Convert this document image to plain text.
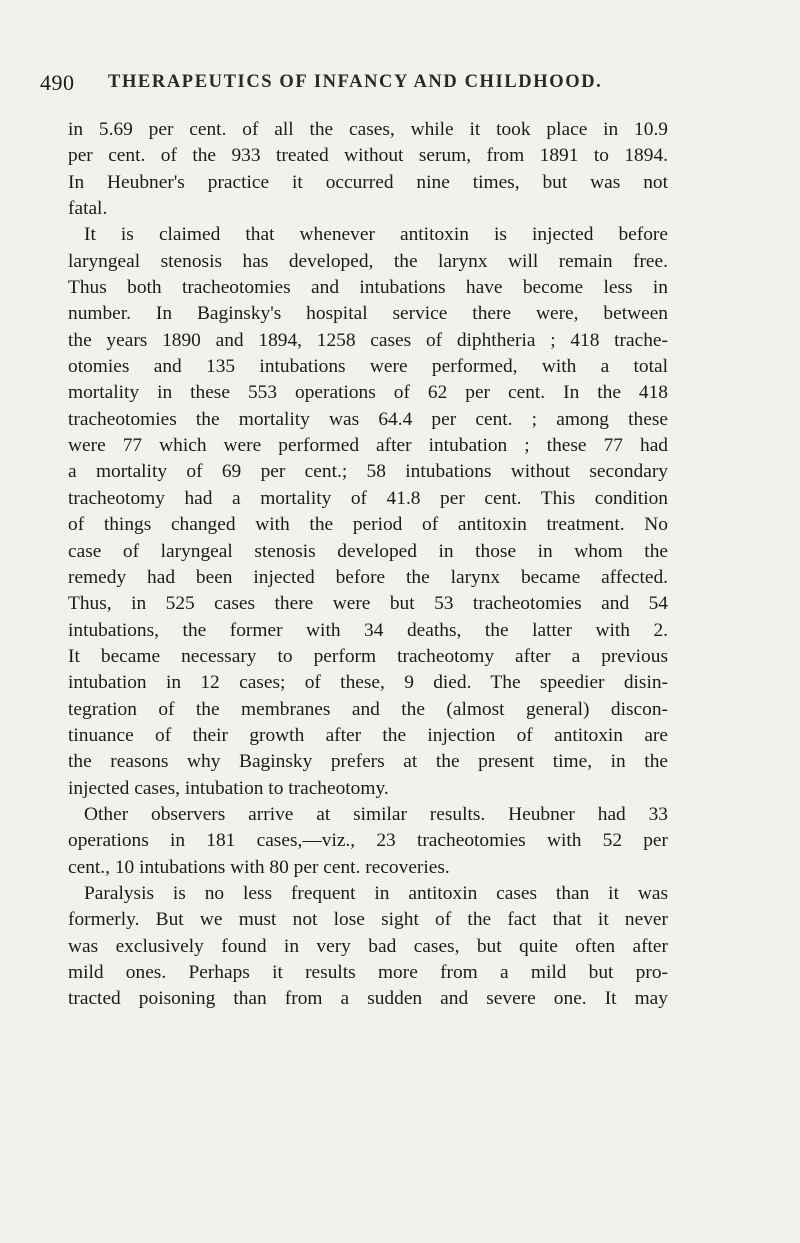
490 THERAPEUTICS OF INFANCY AND CHILDHOOD.
in 5.69 per cent. of all the cases, while it took place in 10.9
per cent. of the 933 treated without serum, from 1891 to 1894.
In Heubner's practice it occurred nine times, but was not
fatal.
It is claimed that whenever antitoxin is injected before
laryngeal stenosis has developed, the larynx will remain free.
Thus both tracheotomies and intubations have become less in
number. In Baginsky's hospital service there were, between
the years 1890 and 1894, 1258 cases of diphtheria ; 418 trache-
otomies and 135 intubations were performed, with a total
mortality in these 553 operations of 62 per cent. In the 418
tracheotomies the mortality was 64.4 per cent. ; among these
were 77 which were performed after intubation ; these 77 had
a mortality of 69 per cent.; 58 intubations without secondary
tracheotomy had a mortality of 41.8 per cent. This condition
of things changed with the period of antitoxin treatment. No
case of laryngeal stenosis developed in those in whom the
remedy had been injected before the larynx became affected.
Thus, in 525 cases there were but 53 tracheotomies and 54
intubations, the former with 34 deaths, the latter with 2.
It became necessary to perform tracheotomy after a previous
intubation in 12 cases; of these, 9 died. The speedier disin-
tegration of the membranes and the (almost general) discon-
tinuance of their growth after the injection of antitoxin are
the reasons why Baginsky prefers at the present time, in the
injected cases, intubation to tracheotomy.
Other observers arrive at similar results. Heubner had 33
operations in 181 cases,—viz., 23 tracheotomies with 52 per
cent., 10 intubations with 80 per cent. recoveries.
Paralysis is no less frequent in antitoxin cases than it was
formerly. But we must not lose sight of the fact that it never
was exclusively found in very bad cases, but quite often after
mild ones. Perhaps it results more from a mild but pro-
tracted poisoning than from a sudden and severe one. It may
